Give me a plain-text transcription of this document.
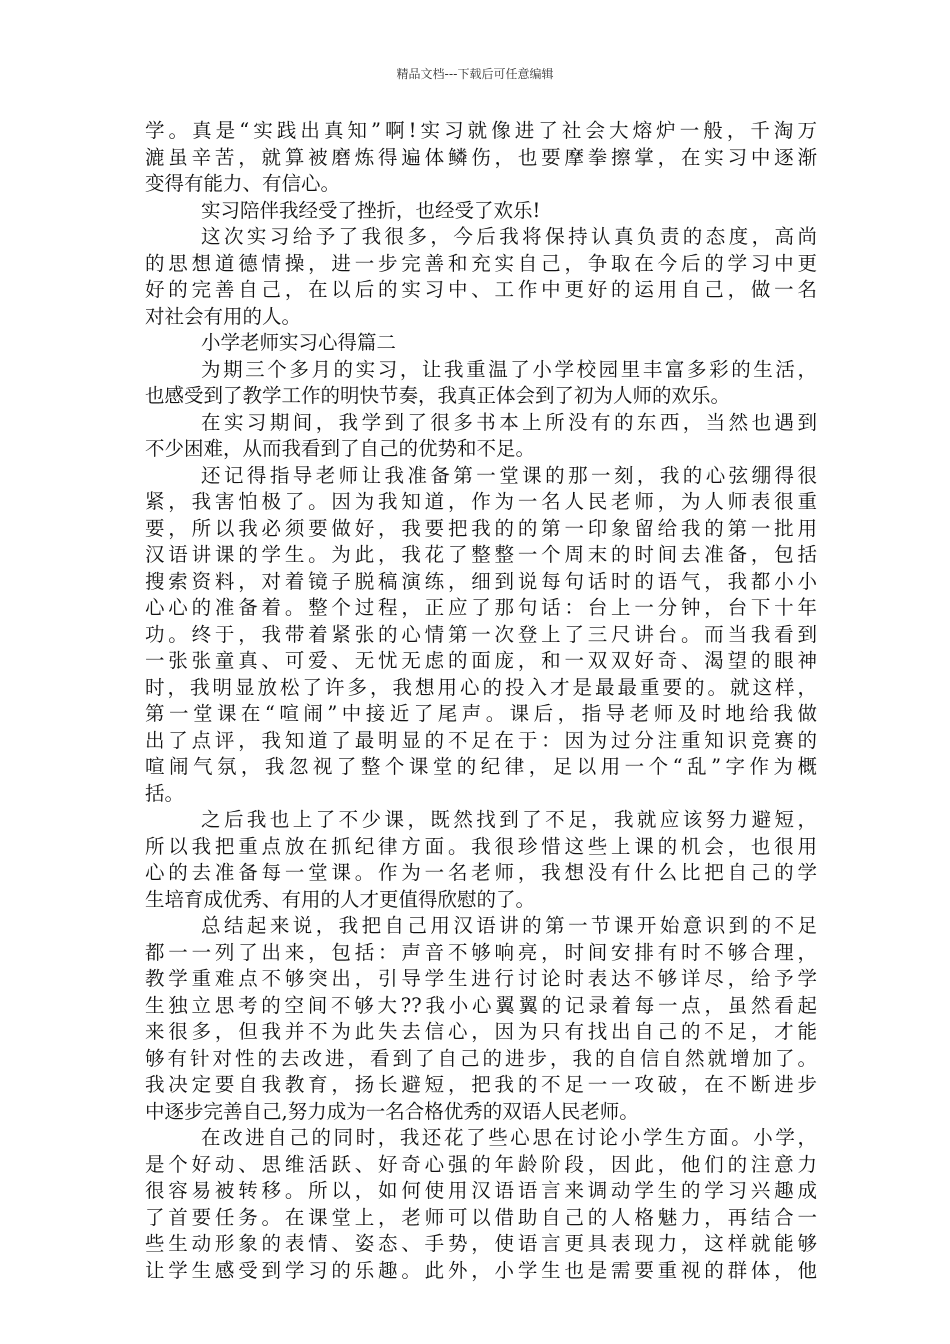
精品文档---下载后可任意编辑
学。真是“实践出真知”啊!实习就像进了社会大熔炉一般，千淘万
漉虽辛苦，就算被磨炼得遍体鳞伤，也要摩拳擦掌，在实习中逐渐
变得有能力、有信心。
实习陪伴我经受了挫折，也经受了欢乐!
这次实习给予了我很多，今后我将保持认真负责的态度，高尚
的思想道德情操，进一步完善和充实自己，争取在今后的学习中更
好的完善自己，在以后的实习中、工作中更好的运用自己，做一名
对社会有用的人。
小学老师实习心得篇二
为期三个多月的实习，让我重温了小学校园里丰富多彩的生活，
也感受到了教学工作的明快节奏，我真正体会到了初为人师的欢乐。
在实习期间，我学到了很多书本上所没有的东西，当然也遇到
不少困难，从而我看到了自己的优势和不足。
还记得指导老师让我准备第一堂课的那一刻，我的心弦绷得很
紧，我害怕极了。因为我知道，作为一名人民老师，为人师表很重
要，所以我必须要做好，我要把我的的第一印象留给我的第一批用
汉语讲课的学生。为此，我花了整整一个周末的时间去准备，包括
搜索资料，对着镜子脱稿演练，细到说每句话时的语气，我都小小
心心的准备着。整个过程，正应了那句话：台上一分钟，台下十年
功。终于，我带着紧张的心情第一次登上了三尺讲台。而当我看到
一张张童真、可爱、无忧无虑的面庞，和一双双好奇、渴望的眼神
时，我明显放松了许多，我想用心的投入才是最最重要的。就这样，
第一堂课在“喧闹”中接近了尾声。课后，指导老师及时地给我做
出了点评，我知道了最明显的不足在于：因为过分注重知识竞赛的
喧闹气氛，我忽视了整个课堂的纪律，足以用一个“乱”字作为概
括。
之后我也上了不少课，既然找到了不足，我就应该努力避短，
所以我把重点放在抓纪律方面。我很珍惜这些上课的机会，也很用
心的去准备每一堂课。作为一名老师，我想没有什么比把自己的学
生培育成优秀、有用的人才更值得欣慰的了。
总结起来说，我把自己用汉语讲的第一节课开始意识到的不足
都一一列了出来，包括：声音不够响亮，时间安排有时不够合理，
教学重难点不够突出，引导学生进行讨论时表达不够详尽，给予学
生独立思考的空间不够大??我小心翼翼的记录着每一点，虽然看起
来很多，但我并不为此失去信心，因为只有找出自己的不足，才能
够有针对性的去改进，看到了自己的进步，我的自信自然就增加了。
我决定要自我教育，扬长避短，把我的不足一一攻破，在不断进步
中逐步完善自己,努力成为一名合格优秀的双语人民老师。
在改进自己的同时，我还花了些心思在讨论小学生方面。小学，
是个好动、思维活跃、好奇心强的年龄阶段，因此，他们的注意力
很容易被转移。所以，如何使用汉语语言来调动学生的学习兴趣成
了首要任务。在课堂上，老师可以借助自己的人格魅力，再结合一
些生动形象的表情、姿态、手势，使语言更具表现力，这样就能够
让学生感受到学习的乐趣。此外，小学生也是需要重视的群体，他
